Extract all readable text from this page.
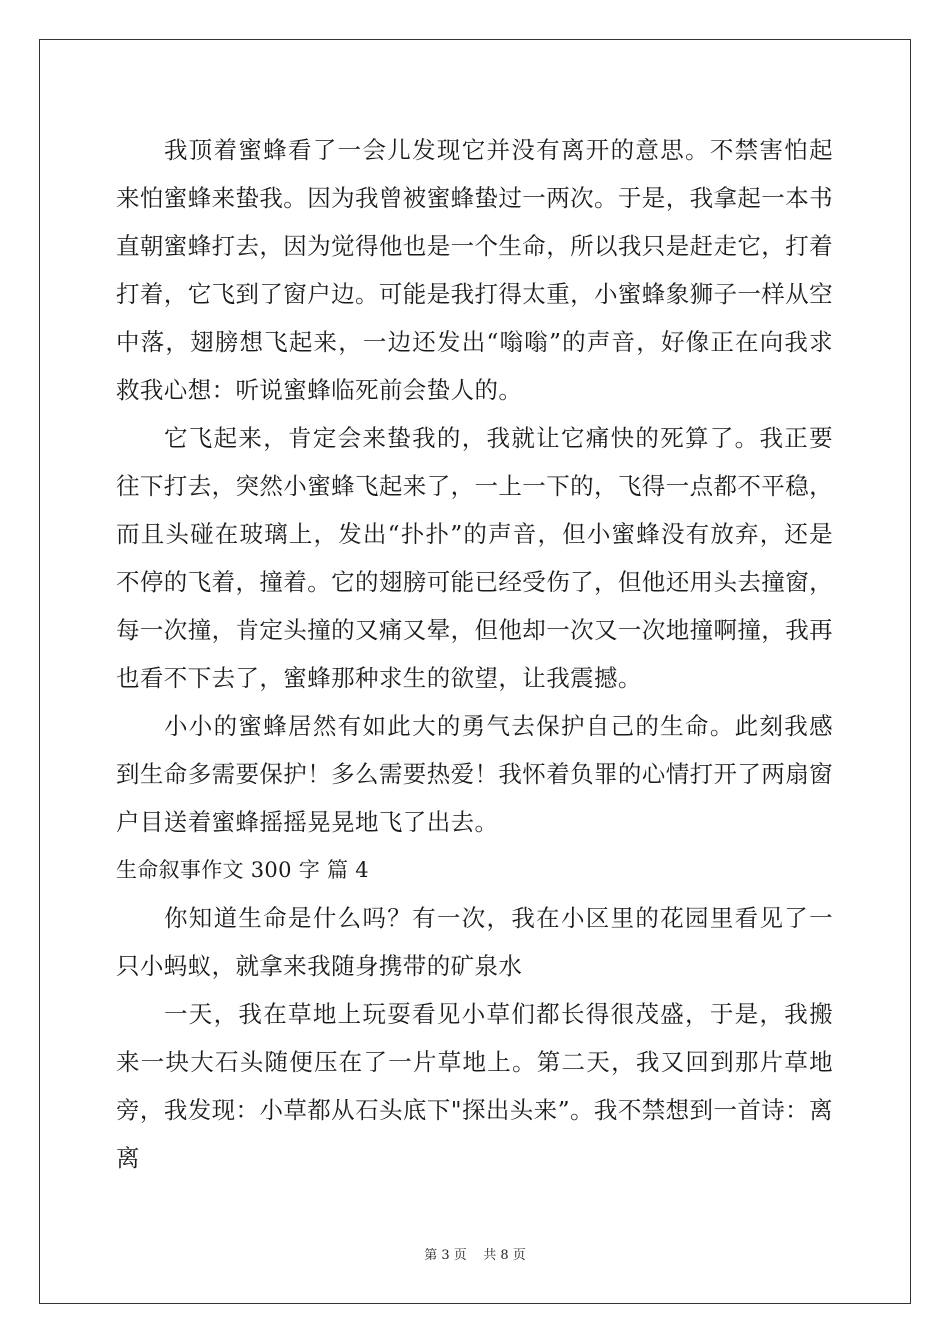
我顶着蜜蜂看了一会儿发现它并没有离开的意思。不禁害怕起来怕蜜蜂来蛰我。因为我曾被蜜蜂蛰过一两次。于是，我拿起一本书直朝蜜蜂打去，因为觉得他也是一个生命，所以我只是赶走它，打着打着，它飞到了窗户边。可能是我打得太重，小蜜蜂象狮子一样从空中落，翅膀想飞起来，一边还发出“嗡嗡”的声音，好像正在向我求救我心想：听说蜜蜂临死前会蛰人的。

它飞起来，肯定会来蛰我的，我就让它痛快的死算了。我正要往下打去，突然小蜜蜂飞起来了，一上一下的，飞得一点都不平稳，而且头碰在玻璃上，发出“扑扑”的声音，但小蜜蜂没有放弃，还是不停的飞着，撞着。它的翅膀可能已经受伤了，但他还用头去撞窗，每一次撞，肯定头撞的又痛又晕，但他却一次又一次地撞啊撞，我再也看不下去了，蜜蜂那种求生的欲望，让我震撼。

小小的蜜蜂居然有如此大的勇气去保护自己的生命。此刻我感到生命多需要保护！多么需要热爱！我怀着负罪的心情打开了两扇窗户目送着蜜蜂摇摇晃晃地飞了出去。

生命叙事作文 300 字 篇 4

你知道生命是什么吗？有一次，我在小区里的花园里看见了一只小蚂蚁，就拿来我随身携带的矿泉水

一天，我在草地上玩耍看见小草们都长得很茂盛，于是，我搬来一块大石头随便压在了一片草地上。第二天，我又回到那片草地旁，我发现：小草都从石头底下"探出头来”。我不禁想到一首诗：离离

第 3 页    共 8 页
